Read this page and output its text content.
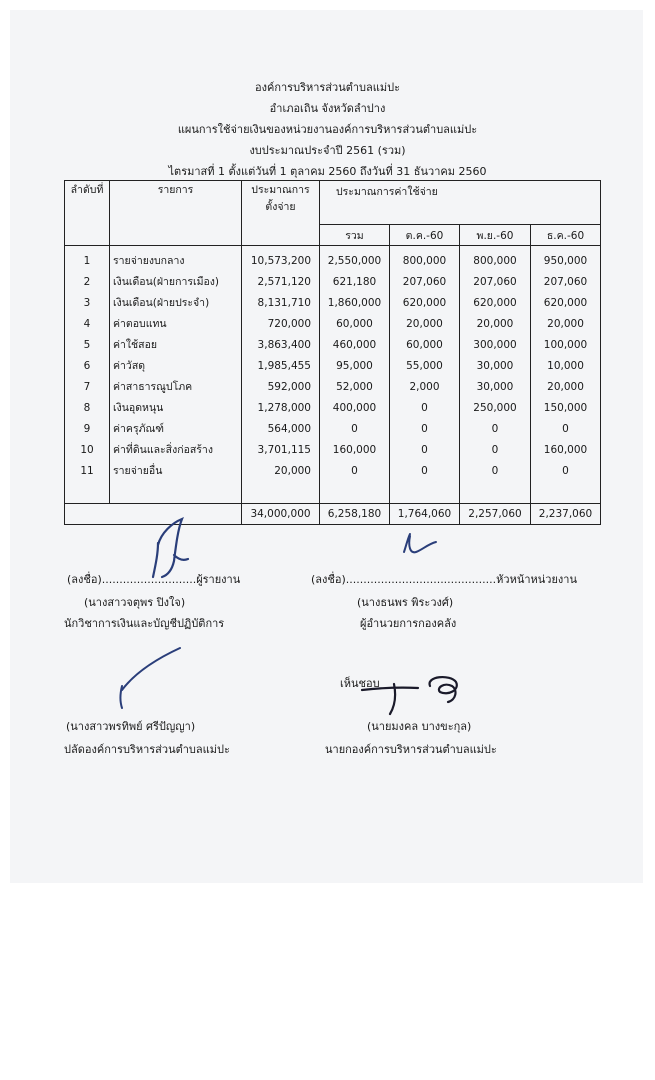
องค์การบริหารส่วนตำบลแม่ปะ
อำเภอเถิน จังหวัดลำปาง
แผนการใช้จ่ายเงินของหน่วยงานองค์การบริหารส่วนตำบลแม่ปะ
งบประมาณประจำปี 2561 (รวม)
ไตรมาสที่ 1 ตั้งแต่วันที่ 1 ตุลาคม 2560 ถึงวันที่ 31 ธันวาคม 2560
ลำดับที่	รายการ	ประมาณการ
ตั้งจ่าย	ประมาณการค่าใช้จ่าย			
			รวม	ต.ค.-60	พ.ย.-60	ธ.ค.-60
1	รายจ่ายงบกลาง	10,573,200	2,550,000	800,000	800,000	950,000
2	เงินเดือน(ฝ่ายการเมือง)	2,571,120	621,180	207,060	207,060	207,060
3	เงินเดือน(ฝ่ายประจำ)	8,131,710	1,860,000	620,000	620,000	620,000
4	ค่าตอบแทน	720,000	60,000	20,000	20,000	20,000
5	ค่าใช้สอย	3,863,400	460,000	60,000	300,000	100,000
6	ค่าวัสดุ	1,985,455	95,000	55,000	30,000	10,000
7	ค่าสาธารณูปโภค	592,000	52,000	2,000	30,000	20,000
8	เงินอุดหนุน	1,278,000	400,000	0	250,000	150,000
9	ค่าครุภัณฑ์	564,000	0	0	0	0
10	ค่าที่ดินและสิ่งก่อสร้าง	3,701,115	160,000	0	0	160,000
11	รายจ่ายอื่น	20,000	0	0	0	0

		34,000,000	6,258,180	1,764,060	2,257,060	2,237,060
(ลงชื่อ)...........................ผู้รายงาน
(นางสาวจตุพร ปิงใจ)
นักวิชาการเงินและบัญชีปฏิบัติการ
(ลงชื่อ)...........................................หัวหน้าหน่วยงาน
(นางธนพร พิระวงศ์)
ผู้อำนวยการกองคลัง
(นางสาวพรทิพย์ ศรีปัญญา)
ปลัดองค์การบริหารส่วนตำบลแม่ปะ
เห็นชอบ
(นายมงคล บางขะกุล)
นายกองค์การบริหารส่วนตำบลแม่ปะ
